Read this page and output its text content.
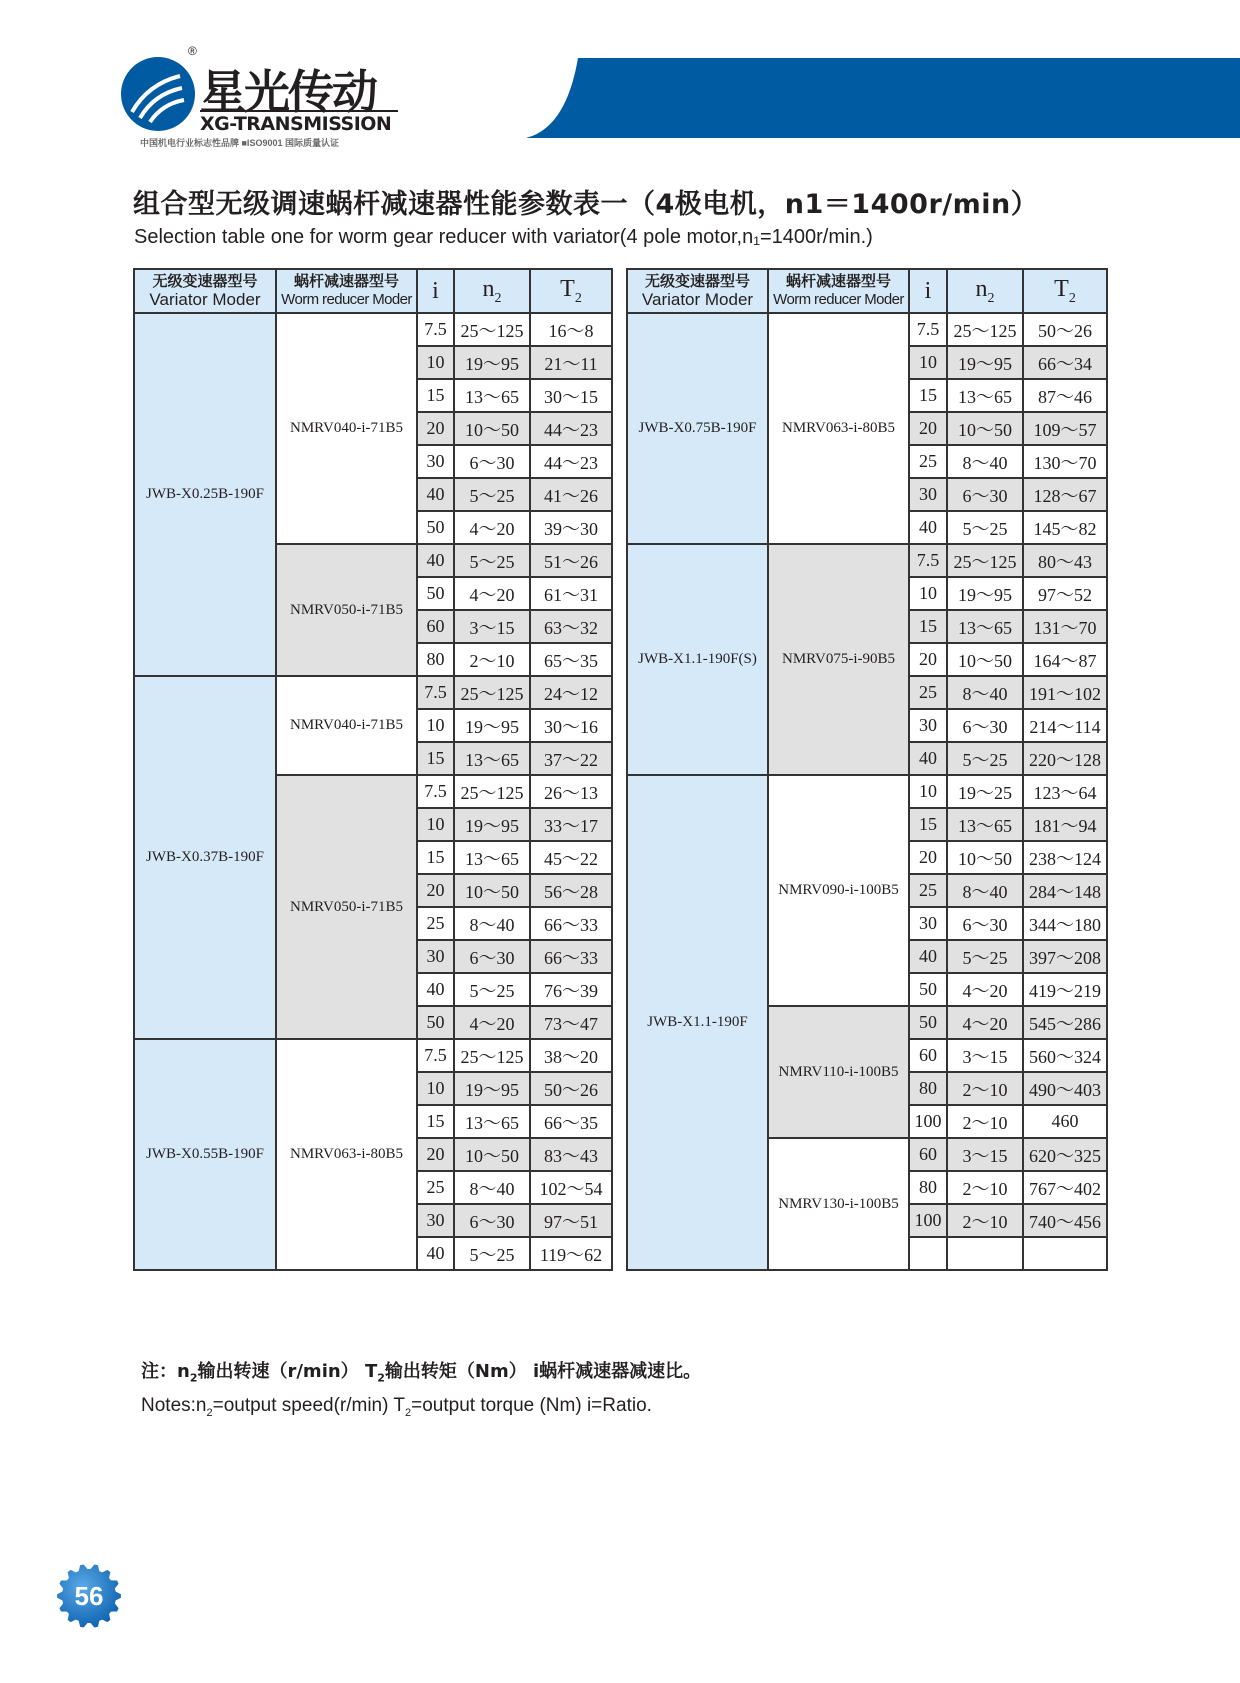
®
星光传动
XG-TRANSMISSION
中国机电行业标志性品牌 ■ISO9001 国际质量认证
组合型无级调速蜗杆减速器性能参数表一（4极电机，n1＝1400r/min）
Selection table one for worm gear reducer with variator(4 pole motor,n₁=1400r/min.)
无级变速器型号
Variator Moder	蜗杆减速器型号
Worm reducer Moder	i	$n_2$	$T_2$
JWB-X0.25B-190F	NMRV040-i-71B5	7.5	25～125	16～8
		10	19～95	21～11
		15	13～65	30～15
		20	10～50	44～23
		30	6～30	44～23
		40	5～25	41～26
		50	4～20	39～30
	NMRV050-i-71B5	40	5～25	51～26
		50	4～20	61～31
		60	3～15	63～32
		80	2～10	65～35
JWB-X0.37B-190F	NMRV040-i-71B5	7.5	25～125	24～12
		10	19～95	30～16
		15	13～65	37～22
	NMRV050-i-71B5	7.5	25～125	26～13
		10	19～95	33～17
		15	13～65	45～22
		20	10～50	56～28
		25	8～40	66～33
		30	6～30	66～33
		40	5～25	76～39
		50	4～20	73～47
JWB-X0.55B-190F	NMRV063-i-80B5	7.5	25～125	38～20
		10	19～95	50～26
		15	13～65	66～35
		20	10～50	83～43
		25	8～40	102～54
		30	6～30	97～51
		40	5～25	119～62
无级变速器型号
Variator Moder	蜗杆减速器型号
Worm reducer Moder	i	$n_2$	$T_2$
JWB-X0.75B-190F	NMRV063-i-80B5	7.5	25～125	50～26
		10	19～95	66～34
		15	13～65	87～46
		20	10～50	109～57
		25	8～40	130～70
		30	6～30	128～67
		40	5～25	145～82
JWB-X1.1-190F(S)	NMRV075-i-90B5	7.5	25～125	80～43
		10	19～95	97～52
		15	13～65	131～70
		20	10～50	164～87
		25	8～40	191～102
		30	6～30	214～114
		40	5～25	220～128
JWB-X1.1-190F	NMRV090-i-100B5	10	19～25	123～64
		15	13～65	181～94
		20	10～50	238～124
		25	8～40	284～148
		30	6～30	344～180
		40	5～25	397～208
		50	4～20	419～219
	NMRV110-i-100B5	50	4～20	545～286
		60	3～15	560～324
		80	2～10	490～403
		100	2～10	460
	NMRV130-i-100B5	60	3～15	620～325
		80	2～10	767～402
		100	2～10	740～456

注：$n_2$输出转速（r/min） $T_2$输出转矩（Nm） i蜗杆减速器减速比。
$Notes:n_2=output$ speed(r/min) $T_2=output$ torque (Nm) i=Ratio.
56
